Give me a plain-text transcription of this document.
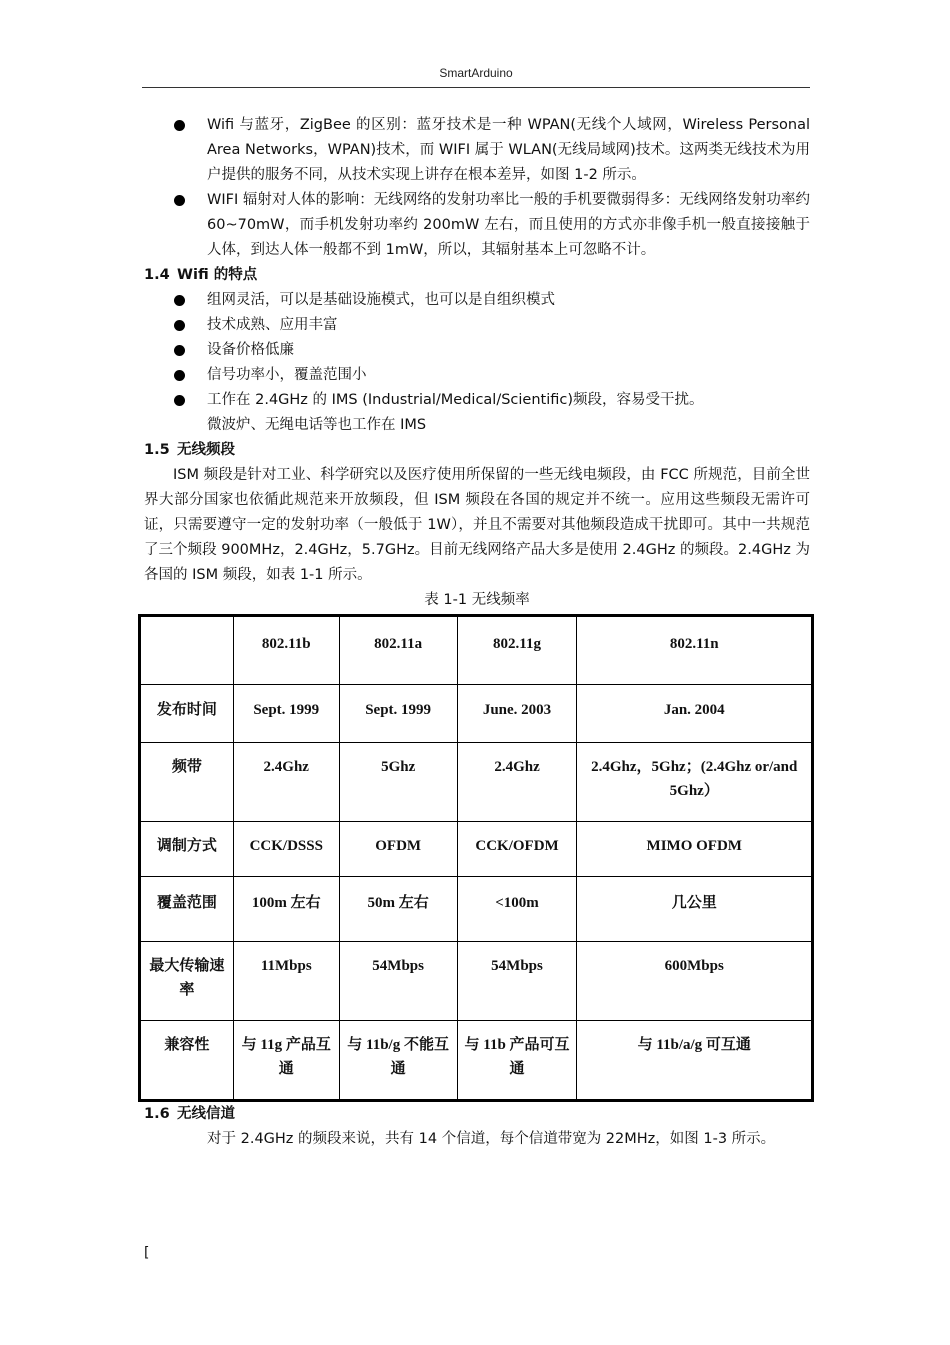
SmartArduino
Wifi 与蓝牙，ZigBee 的区别：蓝牙技术是一种 WPAN(无线个人域网，Wireless Personal Area Networks，WPAN)技术，而 WIFI 属于 WLAN(无线局域网)技术。这两类无线技术为用户提供的服务不同，从技术实现上讲存在根本差异，如图 1-2 所示。
WIFI 辐射对人体的影响：无线网络的发射功率比一般的手机要微弱得多：无线网络发射功率约 60~70mW，而手机发射功率约 200mW 左右，而且使用的方式亦非像手机一般直接接触于人体，到达人体一般都不到 1mW，所以，其辐射基本上可忽略不计。
1.4 Wifi 的特点
组网灵活，可以是基础设施模式，也可以是自组织模式
技术成熟、应用丰富
设备价格低廉
信号功率小，覆盖范围小
工作在 2.4GHz 的 IMS (Industrial/Medical/Scientific)频段，容易受干扰。
微波炉、无绳电话等也工作在 IMS
1.5 无线频段
ISM 频段是针对工业、科学研究以及医疗使用所保留的一些无线电频段，由 FCC 所规范，目前全世界大部分国家也依循此规范来开放频段，但 ISM 频段在各国的规定并不统一。应用这些频段无需许可证，只需要遵守一定的发射功率（一般低于 1W），并且不需要对其他频段造成干扰即可。其中一共规范了三个频段 900MHz，2.4GHz，5.7GHz。目前无线网络产品大多是使用 2.4GHz 的频段。2.4GHz 为各国的 ISM 频段，如表 1-1 所示。
表 1-1 无线频率
	802.11b	802.11a	802.11g	802.11n
发布时间	Sept. 1999	Sept. 1999	June. 2003	Jan. 2004
频带	2.4Ghz	5Ghz	2.4Ghz	2.4Ghz，5Ghz；(2.4Ghz or/and 5Ghz）
调制方式	CCK/DSSS	OFDM	CCK/OFDM	MIMO OFDM
覆盖范围	100m 左右	50m 左右	<100m	几公里
最大传输速率	11Mbps	54Mbps	54Mbps	600Mbps
兼容性	与 11g 产品互通	与 11b/g 不能互通	与 11b 产品可互通	与 11b/a/g 可互通
1.6 无线信道
对于 2.4GHz 的频段来说，共有 14 个信道，每个信道带宽为 22MHz，如图 1-3 所示。
[
